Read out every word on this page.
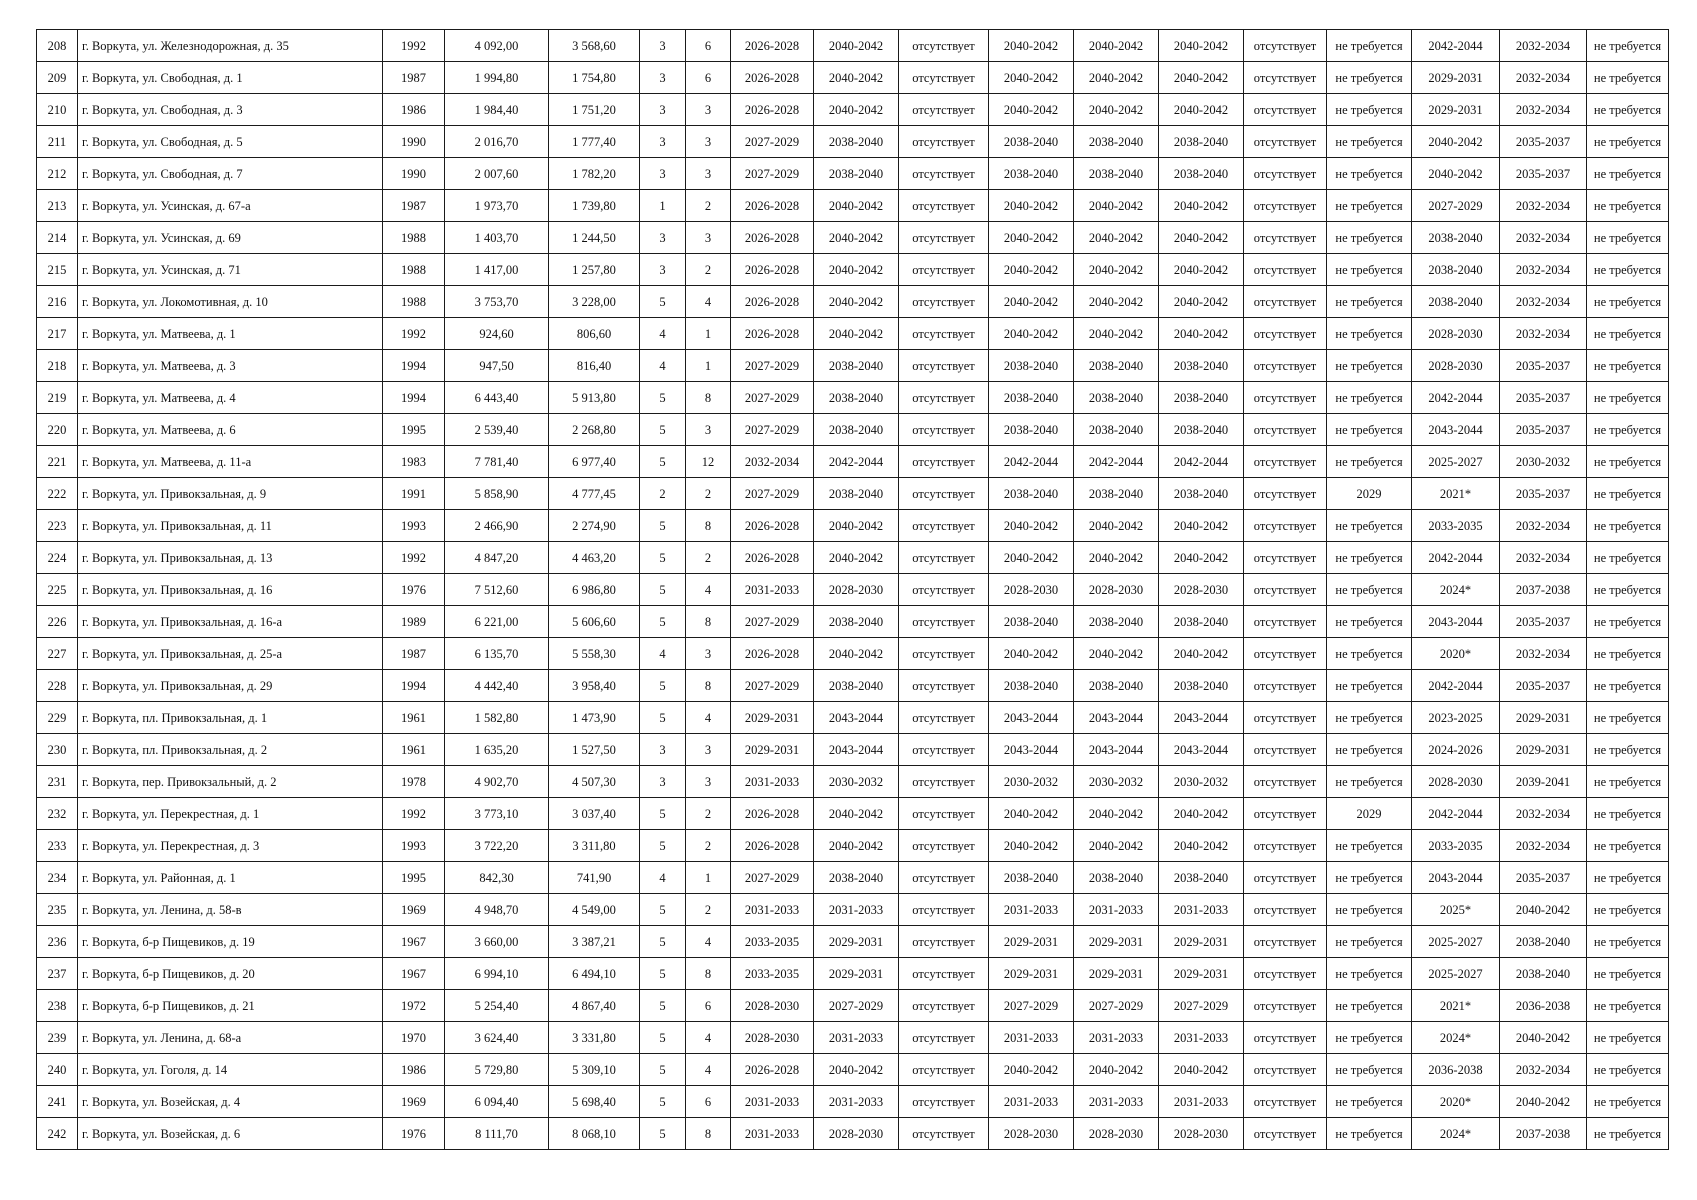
208	г. Воркута, ул. Железнодорожная, д. 35	1992	4 092,00	3 568,60	3	6	2026-2028	2040-2042	отсутствует	2040-2042	2040-2042	2040-2042	отсутствует	не требуется	2042-2044	2032-2034	не требуется
209	г. Воркута, ул. Свободная, д. 1	1987	1 994,80	1 754,80	3	6	2026-2028	2040-2042	отсутствует	2040-2042	2040-2042	2040-2042	отсутствует	не требуется	2029-2031	2032-2034	не требуется
210	г. Воркута, ул. Свободная, д. 3	1986	1 984,40	1 751,20	3	3	2026-2028	2040-2042	отсутствует	2040-2042	2040-2042	2040-2042	отсутствует	не требуется	2029-2031	2032-2034	не требуется
211	г. Воркута, ул. Свободная, д. 5	1990	2 016,70	1 777,40	3	3	2027-2029	2038-2040	отсутствует	2038-2040	2038-2040	2038-2040	отсутствует	не требуется	2040-2042	2035-2037	не требуется
212	г. Воркута, ул. Свободная, д. 7	1990	2 007,60	1 782,20	3	3	2027-2029	2038-2040	отсутствует	2038-2040	2038-2040	2038-2040	отсутствует	не требуется	2040-2042	2035-2037	не требуется
213	г. Воркута, ул. Усинская, д. 67-а	1987	1 973,70	1 739,80	1	2	2026-2028	2040-2042	отсутствует	2040-2042	2040-2042	2040-2042	отсутствует	не требуется	2027-2029	2032-2034	не требуется
214	г. Воркута, ул. Усинская, д. 69	1988	1 403,70	1 244,50	3	3	2026-2028	2040-2042	отсутствует	2040-2042	2040-2042	2040-2042	отсутствует	не требуется	2038-2040	2032-2034	не требуется
215	г. Воркута, ул. Усинская, д. 71	1988	1 417,00	1 257,80	3	2	2026-2028	2040-2042	отсутствует	2040-2042	2040-2042	2040-2042	отсутствует	не требуется	2038-2040	2032-2034	не требуется
216	г. Воркута, ул. Локомотивная, д. 10	1988	3 753,70	3 228,00	5	4	2026-2028	2040-2042	отсутствует	2040-2042	2040-2042	2040-2042	отсутствует	не требуется	2038-2040	2032-2034	не требуется
217	г. Воркута, ул. Матвеева, д. 1	1992	924,60	806,60	4	1	2026-2028	2040-2042	отсутствует	2040-2042	2040-2042	2040-2042	отсутствует	не требуется	2028-2030	2032-2034	не требуется
218	г. Воркута, ул. Матвеева, д. 3	1994	947,50	816,40	4	1	2027-2029	2038-2040	отсутствует	2038-2040	2038-2040	2038-2040	отсутствует	не требуется	2028-2030	2035-2037	не требуется
219	г. Воркута, ул. Матвеева, д. 4	1994	6 443,40	5 913,80	5	8	2027-2029	2038-2040	отсутствует	2038-2040	2038-2040	2038-2040	отсутствует	не требуется	2042-2044	2035-2037	не требуется
220	г. Воркута, ул. Матвеева, д. 6	1995	2 539,40	2 268,80	5	3	2027-2029	2038-2040	отсутствует	2038-2040	2038-2040	2038-2040	отсутствует	не требуется	2043-2044	2035-2037	не требуется
221	г. Воркута, ул. Матвеева, д. 11-а	1983	7 781,40	6 977,40	5	12	2032-2034	2042-2044	отсутствует	2042-2044	2042-2044	2042-2044	отсутствует	не требуется	2025-2027	2030-2032	не требуется
222	г. Воркута, ул. Привокзальная, д. 9	1991	5 858,90	4 777,45	2	2	2027-2029	2038-2040	отсутствует	2038-2040	2038-2040	2038-2040	отсутствует	2029	2021*	2035-2037	не требуется
223	г. Воркута, ул. Привокзальная, д. 11	1993	2 466,90	2 274,90	5	8	2026-2028	2040-2042	отсутствует	2040-2042	2040-2042	2040-2042	отсутствует	не требуется	2033-2035	2032-2034	не требуется
224	г. Воркута, ул. Привокзальная, д. 13	1992	4 847,20	4 463,20	5	2	2026-2028	2040-2042	отсутствует	2040-2042	2040-2042	2040-2042	отсутствует	не требуется	2042-2044	2032-2034	не требуется
225	г. Воркута, ул. Привокзальная, д. 16	1976	7 512,60	6 986,80	5	4	2031-2033	2028-2030	отсутствует	2028-2030	2028-2030	2028-2030	отсутствует	не требуется	2024*	2037-2038	не требуется
226	г. Воркута, ул. Привокзальная, д. 16-а	1989	6 221,00	5 606,60	5	8	2027-2029	2038-2040	отсутствует	2038-2040	2038-2040	2038-2040	отсутствует	не требуется	2043-2044	2035-2037	не требуется
227	г. Воркута, ул. Привокзальная, д. 25-а	1987	6 135,70	5 558,30	4	3	2026-2028	2040-2042	отсутствует	2040-2042	2040-2042	2040-2042	отсутствует	не требуется	2020*	2032-2034	не требуется
228	г. Воркута, ул. Привокзальная, д. 29	1994	4 442,40	3 958,40	5	8	2027-2029	2038-2040	отсутствует	2038-2040	2038-2040	2038-2040	отсутствует	не требуется	2042-2044	2035-2037	не требуется
229	г. Воркута, пл. Привокзальная, д. 1	1961	1 582,80	1 473,90	5	4	2029-2031	2043-2044	отсутствует	2043-2044	2043-2044	2043-2044	отсутствует	не требуется	2023-2025	2029-2031	не требуется
230	г. Воркута, пл. Привокзальная, д. 2	1961	1 635,20	1 527,50	3	3	2029-2031	2043-2044	отсутствует	2043-2044	2043-2044	2043-2044	отсутствует	не требуется	2024-2026	2029-2031	не требуется
231	г. Воркута, пер. Привокзальный, д. 2	1978	4 902,70	4 507,30	3	3	2031-2033	2030-2032	отсутствует	2030-2032	2030-2032	2030-2032	отсутствует	не требуется	2028-2030	2039-2041	не требуется
232	г. Воркута, ул. Перекрестная, д. 1	1992	3 773,10	3 037,40	5	2	2026-2028	2040-2042	отсутствует	2040-2042	2040-2042	2040-2042	отсутствует	2029	2042-2044	2032-2034	не требуется
233	г. Воркута, ул. Перекрестная, д. 3	1993	3 722,20	3 311,80	5	2	2026-2028	2040-2042	отсутствует	2040-2042	2040-2042	2040-2042	отсутствует	не требуется	2033-2035	2032-2034	не требуется
234	г. Воркута, ул. Районная, д. 1	1995	842,30	741,90	4	1	2027-2029	2038-2040	отсутствует	2038-2040	2038-2040	2038-2040	отсутствует	не требуется	2043-2044	2035-2037	не требуется
235	г. Воркута, ул. Ленина, д. 58-в	1969	4 948,70	4 549,00	5	2	2031-2033	2031-2033	отсутствует	2031-2033	2031-2033	2031-2033	отсутствует	не требуется	2025*	2040-2042	не требуется
236	г. Воркута, б-р Пищевиков, д. 19	1967	3 660,00	3 387,21	5	4	2033-2035	2029-2031	отсутствует	2029-2031	2029-2031	2029-2031	отсутствует	не требуется	2025-2027	2038-2040	не требуется
237	г. Воркута, б-р Пищевиков, д. 20	1967	6 994,10	6 494,10	5	8	2033-2035	2029-2031	отсутствует	2029-2031	2029-2031	2029-2031	отсутствует	не требуется	2025-2027	2038-2040	не требуется
238	г. Воркута, б-р Пищевиков, д. 21	1972	5 254,40	4 867,40	5	6	2028-2030	2027-2029	отсутствует	2027-2029	2027-2029	2027-2029	отсутствует	не требуется	2021*	2036-2038	не требуется
239	г. Воркута, ул. Ленина, д. 68-а	1970	3 624,40	3 331,80	5	4	2028-2030	2031-2033	отсутствует	2031-2033	2031-2033	2031-2033	отсутствует	не требуется	2024*	2040-2042	не требуется
240	г. Воркута, ул. Гоголя, д. 14	1986	5 729,80	5 309,10	5	4	2026-2028	2040-2042	отсутствует	2040-2042	2040-2042	2040-2042	отсутствует	не требуется	2036-2038	2032-2034	не требуется
241	г. Воркута, ул. Возейская, д. 4	1969	6 094,40	5 698,40	5	6	2031-2033	2031-2033	отсутствует	2031-2033	2031-2033	2031-2033	отсутствует	не требуется	2020*	2040-2042	не требуется
242	г. Воркута, ул. Возейская, д. 6	1976	8 111,70	8 068,10	5	8	2031-2033	2028-2030	отсутствует	2028-2030	2028-2030	2028-2030	отсутствует	не требуется	2024*	2037-2038	не требуется
